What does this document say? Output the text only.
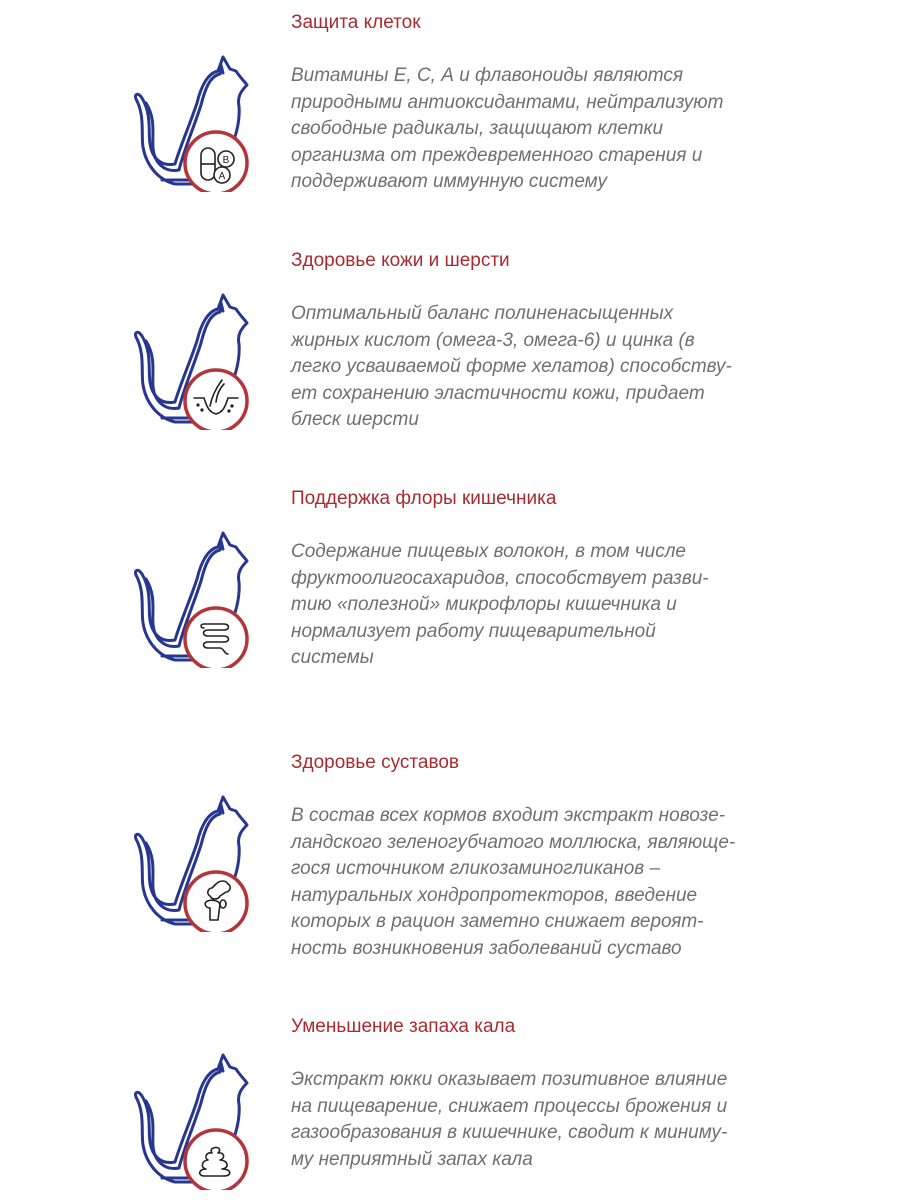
B
A
Защита клеток
Витамины Е, С, А и флавоноиды являются
природными антиоксидантами, нейтрализуют
свободные радикалы, защищают клетки
организма от преждевременного старения и
поддерживают иммунную систему
Здоровье кожи и шерсти
Оптимальный баланс полиненасыщенных
жирных кислот (омега-3, омега-6) и цинка (в
легко усваиваемой форме хелатов) способству-
ет сохранению эластичности кожи, придает
блеск шерсти
Поддержка флоры кишечника
Содержание пищевых волокон, в том числе
фруктоолигосахаридов, способствует разви-
тию «полезной» микрофлоры кишечника и
нормализует работу пищеварительной
системы
Здоровье суставов
В состав всех кормов входит экстракт новозе-
ландского зеленогубчатого моллюска, являюще-
гося источником гликозаминогликанов –
натуральных хондропротекторов, введение
которых в рацион заметно снижает вероят-
ность возникновения заболеваний суставо
Уменьшение запаха кала
Экстракт юкки оказывает позитивное влияние
на пищеварение, снижает процессы брожения и
газообразования в кишечнике, сводит к миниму-
му неприятный запах кала
